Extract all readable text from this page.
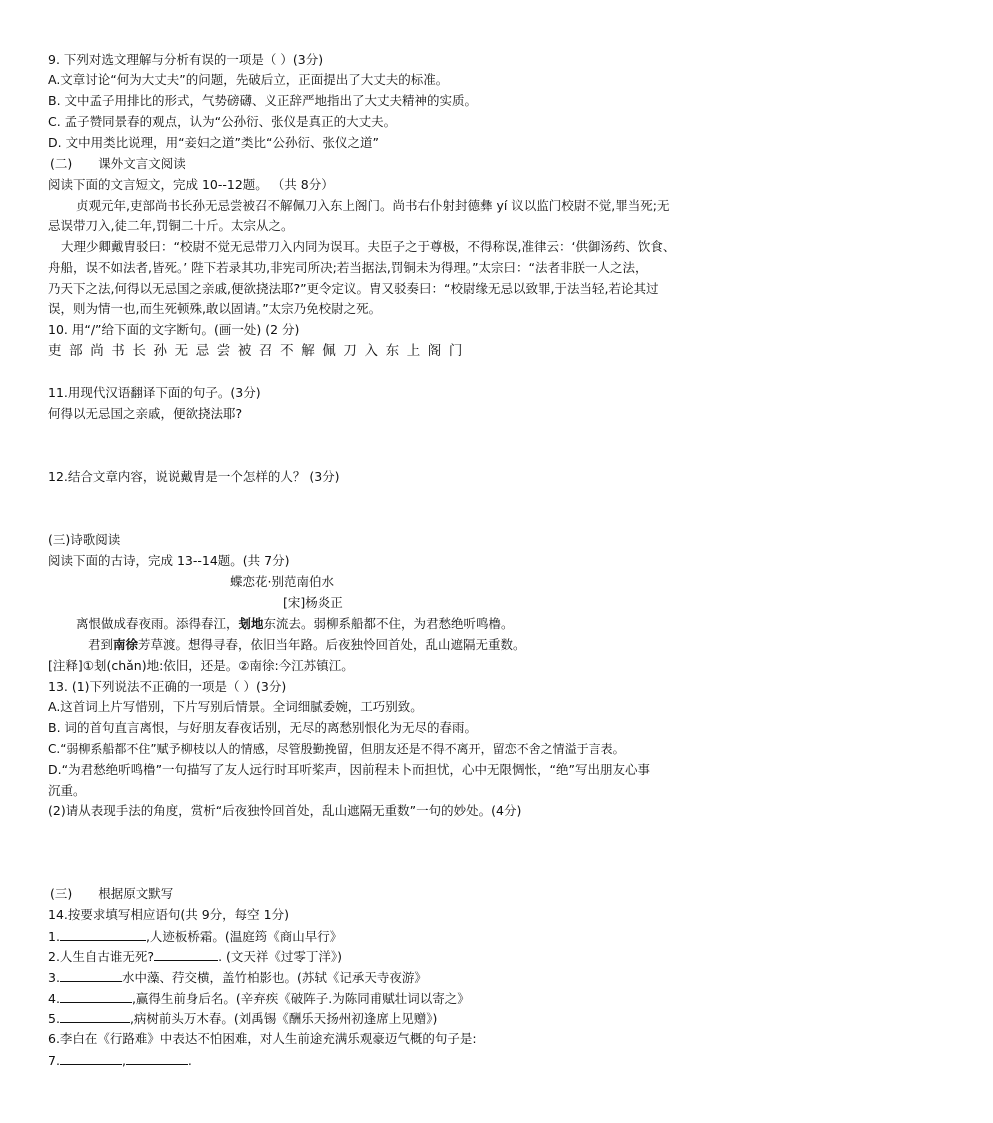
9. 下列对选文理解与分析有误的一项是（ ）(3分)
A.文章讨论“何为大丈夫”的问题，先破后立，正面提出了大丈夫的标准。
B. 文中孟子用排比的形式，气势磅礴、义正辞严地指出了大丈夫精神的实质。
C. 孟子赞同景春的观点，认为“公孙衍、张仪是真正的大丈夫。
D. 文中用类比说理，用“妾妇之道”类比“公孙衍、张仪之道”
(二) 课外文言文阅读
阅读下面的文言短文，完成 10--12题。 （共 8分）
贞观元年,吏部尚书长孙无忌尝被召不解佩刀入东上阁门。尚书右仆射封德彝 yí 议以监门校尉不觉,罪当死;无
忌误带刀入,徒二年,罚铜二十斤。太宗从之。
大理少卿戴胄驳曰：“校尉不觉无忌带刀入内同为误耳。夫臣子之于尊极，不得称误,准律云：‘供御汤药、饮食、
舟船，误不如法者,皆死。’ 陛下若录其功,非宪司所决;若当据法,罚铜未为得理。”太宗曰：“法者非朕一人之法，
乃天下之法,何得以无忌国之亲戚,便欲挠法耶?”更令定议。胄又驳奏曰：“校尉缘无忌以致罪,于法当轻,若论其过
误，则为情一也,而生死顿殊,敢以固请。”太宗乃免校尉之死。
10. 用“/”给下面的文字断句。(画一处) (2 分)
吏部尚书长孙无忌尝被召不解佩刀入东上阁门
11.用现代汉语翻译下面的句子。(3分)
何得以无忌国之亲戚，便欲挠法耶?
12.结合文章内容，说说戴胄是一个怎样的人？ (3分)
(三)诗歌阅读
阅读下面的古诗，完成 13--14题。(共 7分)
蝶恋花·别范南伯水
[宋]杨炎正
离恨做成春夜雨。添得春江，刬地东流去。弱柳系船都不住，为君愁绝听鸣橹。
君到南徐芳草渡。想得寻春，依旧当年路。后夜独怜回首处，乱山遮隔无重数。
[注释]①刬(chǎn)地:依旧，还是。②南徐:今江苏镇江。
13. (1)下列说法不正确的一项是（ ）(3分)
A.这首词上片写惜别，下片写别后情景。全词细腻委婉，工巧别致。
B. 词的首句直言离恨，与好朋友春夜话别，无尽的离愁别恨化为无尽的春雨。
C.“弱柳系船都不住”赋予柳枝以人的情感，尽管殷勤挽留，但朋友还是不得不离开，留恋不舍之情溢于言表。
D.“为君愁绝听鸣橹”一句描写了友人远行时耳听桨声，因前程未卜而担忧，心中无限惆怅，“绝”写出朋友心事
沉重。
(2)请从表现手法的角度，赏析“后夜独怜回首处，乱山遮隔无重数”一句的妙处。(4分)
(三) 根据原文默写
14.按要求填写相应语句(共 9分，每空 1分)
1.	,人迹板桥霜。(温庭筠《商山早行》
2.人生自古谁无死?	. (文天祥《过零丁洋》)
3.	水中藻、荇交横，盖竹柏影也。(苏轼《记承天寺夜游》
4.	,赢得生前身后名。(辛弃疾《破阵子.为陈同甫赋壮词以寄之》
5.	,病树前头万木春。(刘禹锡《酬乐天扬州初逢席上见赠》)
6.李白在《行路难》中表达不怕困难，对人生前途充满乐观豪迈气概的句子是:
7.	,	.
